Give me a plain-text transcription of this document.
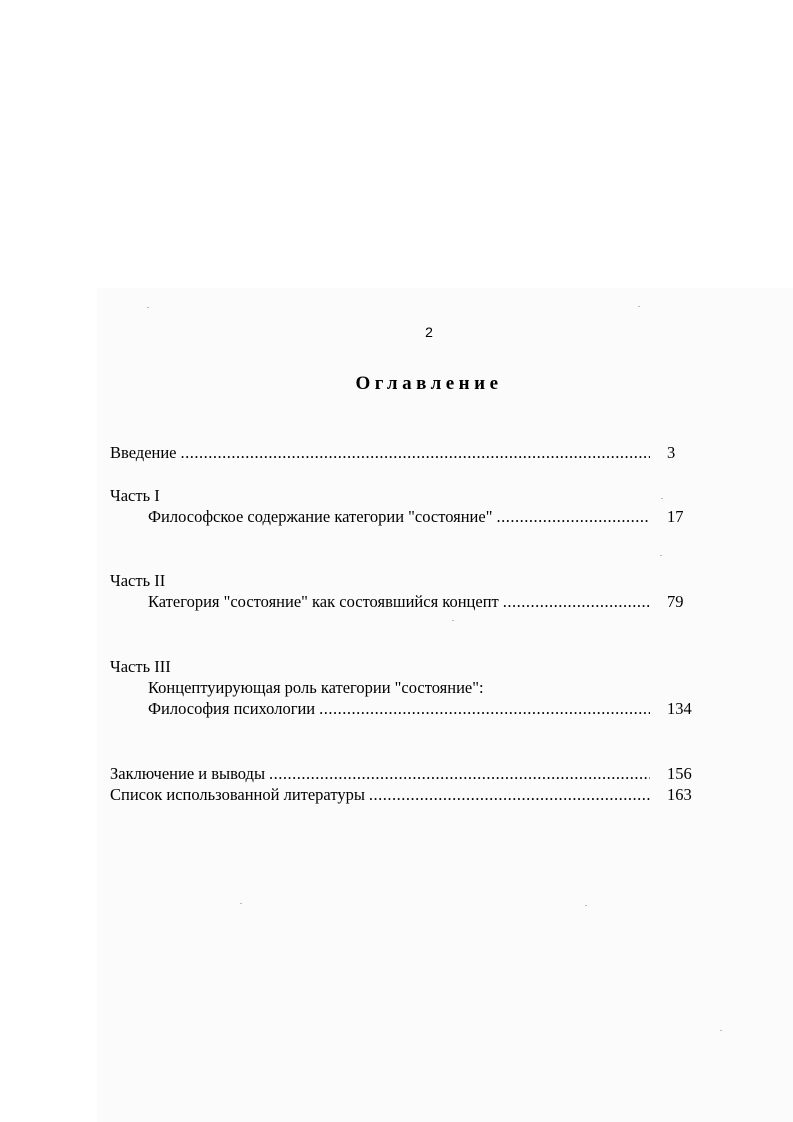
2
Оглавление
Введение .....	3
Часть I
Философское содержание категории "состояние" .....	17
Часть II
Категория "состояние" как состоявшийся концепт .....	79
Часть III
Концептуирующая роль категории "состояние":
Философия психологии .....	134
Заключение и выводы .....	156
Список использованной литературы .....	163
